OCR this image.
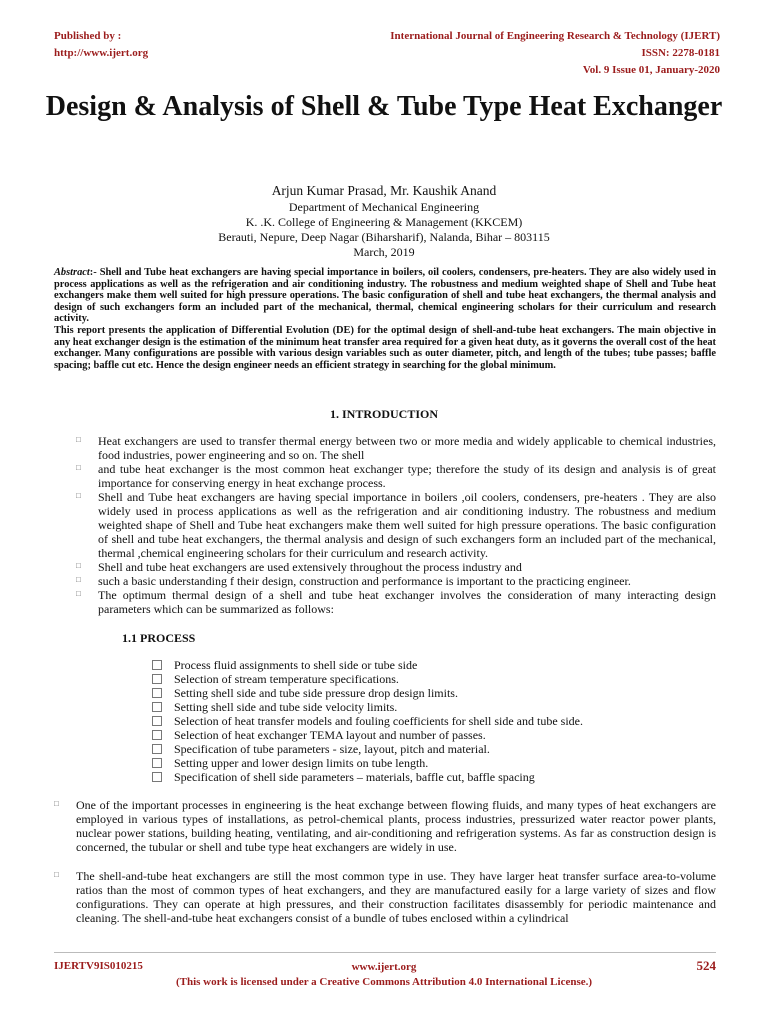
Published by :
http://www.ijert.org
International Journal of Engineering Research & Technology (IJERT)
ISSN: 2278-0181
Vol. 9 Issue 01, January-2020
Design & Analysis of Shell & Tube Type Heat Exchanger

Arjun Kumar Prasad, Mr. Kaushik Anand

Department of Mechanical Engineering

K. .K. College of Engineering & Management (KKCEM)

Berauti, Nepure, Deep Nagar (Biharsharif), Nalanda, Bihar – 803115

March, 2019

Abstract:- Shell and Tube heat exchangers are having special importance in boilers, oil coolers, condensers, pre-heaters. They are also widely used in process applications as well as the refrigeration and air conditioning industry. The robustness and medium weighted shape of Shell and Tube heat exchangers make them well suited for high pressure operations. The basic configuration of shell and tube heat exchangers, the thermal analysis and design of such exchangers form an included part of the mechanical, thermal, chemical engineering scholars for their curriculum and research activity.

This report presents the application of Differential Evolution (DE) for the optimal design of shell-and-tube heat exchangers. The main objective in any heat exchanger design is the estimation of the minimum heat transfer area required for a given heat duty, as it governs the overall cost of the heat exchanger. Many configurations are possible with various design variables such as outer diameter, pitch, and length of the tubes; tube passes; baffle spacing; baffle cut etc. Hence the design engineer needs an efficient strategy in searching for the global minimum.

1. INTRODUCTION
□ Heat exchangers are used to transfer thermal energy between two or more media and widely applicable to chemical industries, food industries, power engineering and so on. The shell
□ and tube heat exchanger is the most common heat exchanger type; therefore the study of its design and analysis is of great importance for conserving energy in heat exchange process.
□ Shell and Tube heat exchangers are having special importance in boilers ,oil coolers, condensers, pre-heaters . They are also widely used in process applications as well as the refrigeration and air conditioning industry. The robustness and medium weighted shape of Shell and Tube heat exchangers make them well suited for high pressure operations. The basic configuration of shell and tube heat exchangers, the thermal analysis and design of such exchangers form an included part of the mechanical, thermal ,chemical engineering scholars for their curriculum and research activity.
□ Shell and tube heat exchangers are used extensively throughout the process industry and
□ such a basic understanding f their design, construction and performance is important to the practicing engineer.
□ The optimum thermal design of a shell and tube heat exchanger involves the consideration of many interacting design parameters which can be summarized as follows:
1.1 PROCESS
Process fluid assignments to shell side or tube side
Selection of stream temperature specifications.
Setting shell side and tube side pressure drop design limits.
Setting shell side and tube side velocity limits.
Selection of heat transfer models and fouling coefficients for shell side and tube side.
Selection of heat exchanger TEMA layout and number of passes.
Specification of tube parameters - size, layout, pitch and material.
Setting upper and lower design limits on tube length.
Specification of shell side parameters – materials, baffle cut, baffle spacing

□ One of the important processes in engineering is the heat exchange between flowing fluids, and many types of heat exchangers are employed in various types of installations, as petrol-chemical plants, process industries, pressurized water reactor power plants, nuclear power stations, building heating, ventilating, and air-conditioning and refrigeration systems. As far as construction design is concerned, the tubular or shell and tube type heat exchangers are widely in use.

□ The shell-and-tube heat exchangers are still the most common type in use. They have larger heat transfer surface area-to-volume ratios than the most of common types of heat exchangers, and they are manufactured easily for a large variety of sizes and flow configurations. They can operate at high pressures, and their construction facilitates disassembly for periodic maintenance and cleaning. The shell-and-tube heat exchangers consist of a bundle of tubes enclosed within a cylindrical

IJERTV9IS010215	www.ijert.org
(This work is licensed under a Creative Commons Attribution 4.0 International License.)
524
